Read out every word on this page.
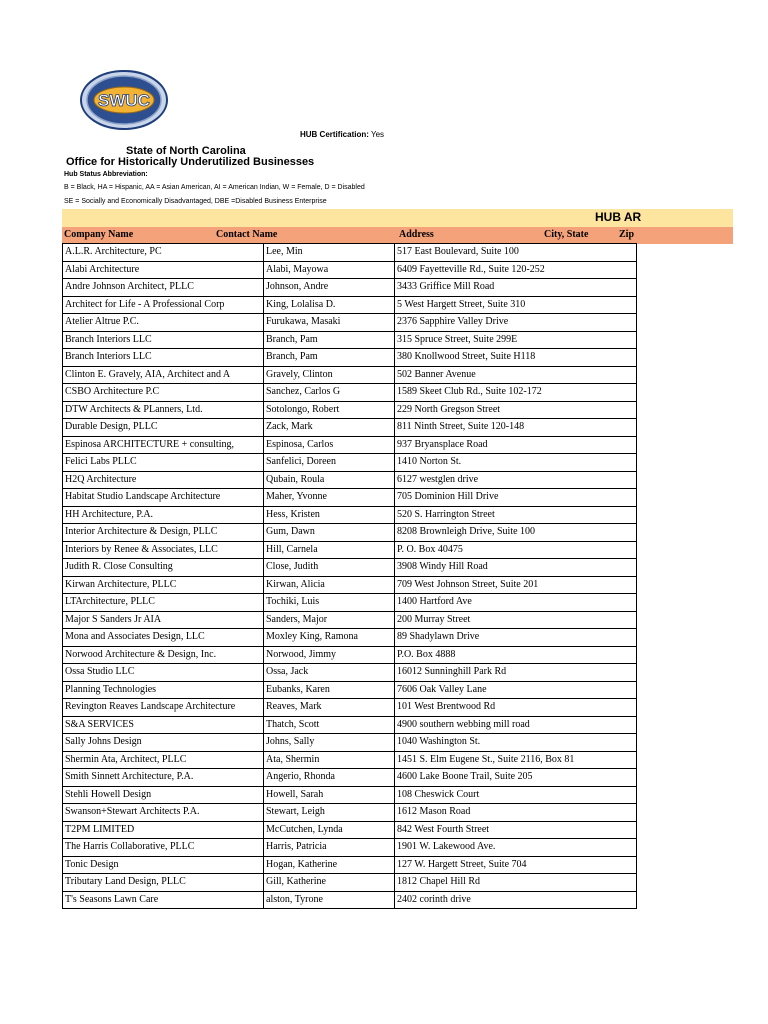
SWUC
HUB Certification: Yes
State of North Carolina
Office for Historically Underutilized Businesses
Hub Status Abbreviation:
B = Black, HA = Hispanic, AA = Asian American, AI = American Indian, W = Female, D = Disabled
SE = Socially and Economically Disadvantaged, DBE =Disabled Business Enterprise
HUB AR
Company Name	Contact Name	Address	City, State	Zip
A.L.R. Architecture, PC	Lee, Min	517 East Boulevard, Suite 100
Alabi Architecture	Alabi, Mayowa	6409 Fayetteville Rd., Suite 120-252
Andre Johnson Architect, PLLC	Johnson, Andre	3433 Griffice Mill Road
Architect for Life - A Professional Corp	King, Lolalisa D.	5 West Hargett Street, Suite 310
Atelier Altrue P.C.	Furukawa, Masaki	2376 Sapphire Valley Drive
Branch Interiors LLC	Branch, Pam	315 Spruce Street, Suite 299E
Branch Interiors LLC	Branch, Pam	380 Knollwood Street, Suite H118
Clinton E. Gravely, AIA, Architect and A	Gravely, Clinton	502 Banner Avenue
CSBO Architecture P.C	Sanchez, Carlos G	1589 Skeet Club Rd., Suite 102-172
DTW Architects & PLanners, Ltd.	Sotolongo, Robert	229 North Gregson Street
Durable Design, PLLC	Zack, Mark	811 Ninth Street, Suite 120-148
Espinosa ARCHITECTURE + consulting,	Espinosa, Carlos	937 Bryansplace Road
Felici Labs PLLC	Sanfelici, Doreen	1410 Norton St.
H2Q Architecture	Qubain, Roula	6127 westglen drive
Habitat Studio Landscape Architecture	Maher, Yvonne	705 Dominion Hill Drive
HH Architecture, P.A.	Hess, Kristen	520 S. Harrington Street
Interior Architecture & Design, PLLC	Gum, Dawn	8208 Brownleigh Drive, Suite 100
Interiors by Renee & Associates, LLC	Hill, Carnela	P. O. Box 40475
Judith R. Close Consulting	Close, Judith	3908 Windy Hill Road
Kirwan Architecture, PLLC	Kirwan, Alicia	709 West Johnson Street, Suite 201
LTArchitecture, PLLC	Tochiki, Luis	1400 Hartford Ave
Major S Sanders Jr AIA	Sanders, Major	200 Murray Street
Mona and Associates Design, LLC	Moxley King, Ramona	89 Shadylawn Drive
Norwood Architecture & Design, Inc.	Norwood, Jimmy	P.O. Box 4888
Ossa Studio LLC	Ossa, Jack	16012 Sunninghill Park Rd
Planning Technologies	Eubanks, Karen	7606 Oak Valley Lane
Revington Reaves Landscape Architecture	Reaves, Mark	101 West Brentwood Rd
S&A SERVICES	Thatch, Scott	4900 southern webbing mill road
Sally Johns Design	Johns, Sally	1040 Washington St.
Shermin Ata, Architect, PLLC	Ata, Shermin	1451 S. Elm Eugene St., Suite 2116, Box 81
Smith Sinnett Architecture, P.A.	Angerio, Rhonda	4600 Lake Boone Trail, Suite 205
Stehli Howell Design	Howell, Sarah	108 Cheswick Court
Swanson+Stewart Architects P.A.	Stewart, Leigh	1612 Mason Road
T2PM LIMITED	McCutchen, Lynda	842 West Fourth Street
The Harris Collaborative, PLLC	Harris, Patricia	1901 W. Lakewood Ave.
Tonic Design	Hogan, Katherine	127 W. Hargett Street, Suite 704
Tributary Land Design, PLLC	Gill, Katherine	1812 Chapel Hill Rd
T's Seasons Lawn Care	alston, Tyrone	2402 corinth drive
